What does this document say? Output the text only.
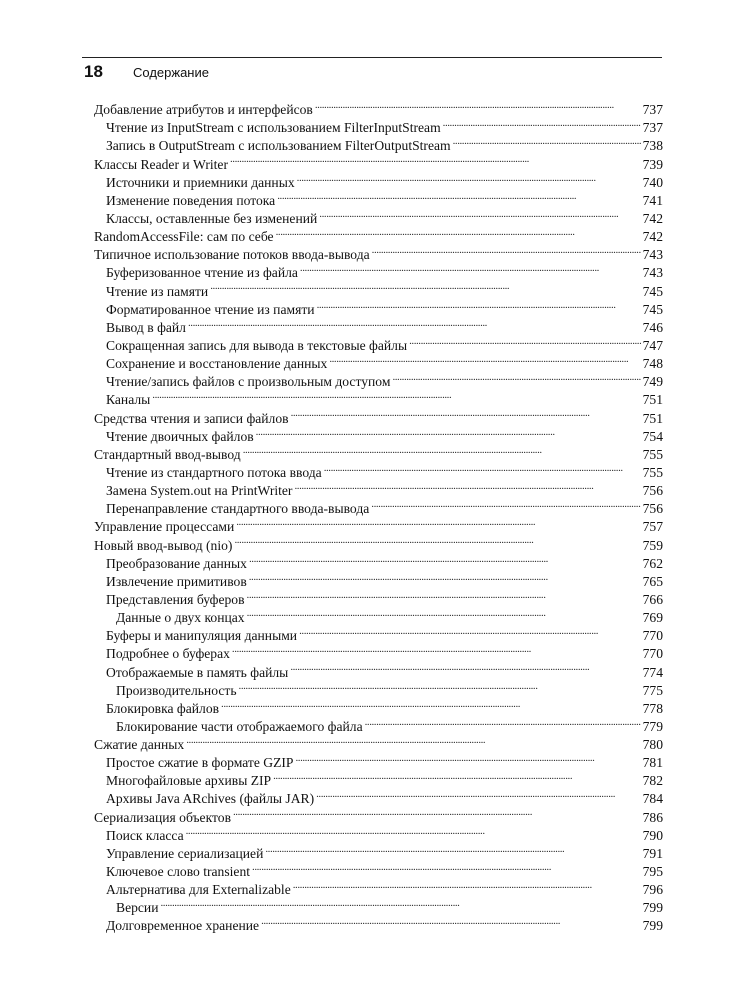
18 Содержание
Добавление атрибутов и интерфейсов . . .	737
Чтение из InputStream с использованием FilterInputStream . . .	737
Запись в OutputStream с использованием FilterOutputStream . . .	738
Классы Reader и Writer . . .	739
Источники и приемники данных . . .	740
Изменение поведения потока . . .	741
Классы, оставленные без изменений . . .	742
RandomAccessFile: сам по себе . . .	742
Типичное использование потоков ввода-вывода . . .	743
Буферизованное чтение из файла . . .	743
Чтение из памяти . . .	745
Форматированное чтение из памяти . . .	745
Вывод в файл . . .	746
Сокращенная запись для вывода в текстовые файлы . . .	747
Сохранение и восстановление данных . . .	748
Чтение/запись файлов с произвольным доступом . . .	749
Каналы . . .	751
Средства чтения и записи файлов . . .	751
Чтение двоичных файлов . . .	754
Стандартный ввод-вывод . . .	755
Чтение из стандартного потока ввода . . .	755
Замена System.out на PrintWriter . . .	756
Перенаправление стандартного ввода-вывода . . .	756
Управление процессами . . .	757
Новый ввод-вывод (nio) . . .	759
Преобразование данных . . .	762
Извлечение примитивов . . .	765
Представления буферов . . .	766
Данные о двух концах . . .	769
Буферы и манипуляция данными . . .	770
Подробнее о буферах . . .	770
Отображаемые в память файлы . . .	774
Производительность . . .	775
Блокировка файлов . . .	778
Блокирование части отображаемого файла . . .	779
Сжатие данных . . .	780
Простое сжатие в формате GZIP . . .	781
Многофайловые архивы ZIP . . .	782
Архивы Java ARchives (файлы JAR) . . .	784
Сериализация объектов . . .	786
Поиск класса . . .	790
Управление сериализацией . . .	791
Ключевое слово transient . . .	795
Альтернатива для Externalizable . . .	796
Версии . . .	799
Долговременное хранение . . .	799
